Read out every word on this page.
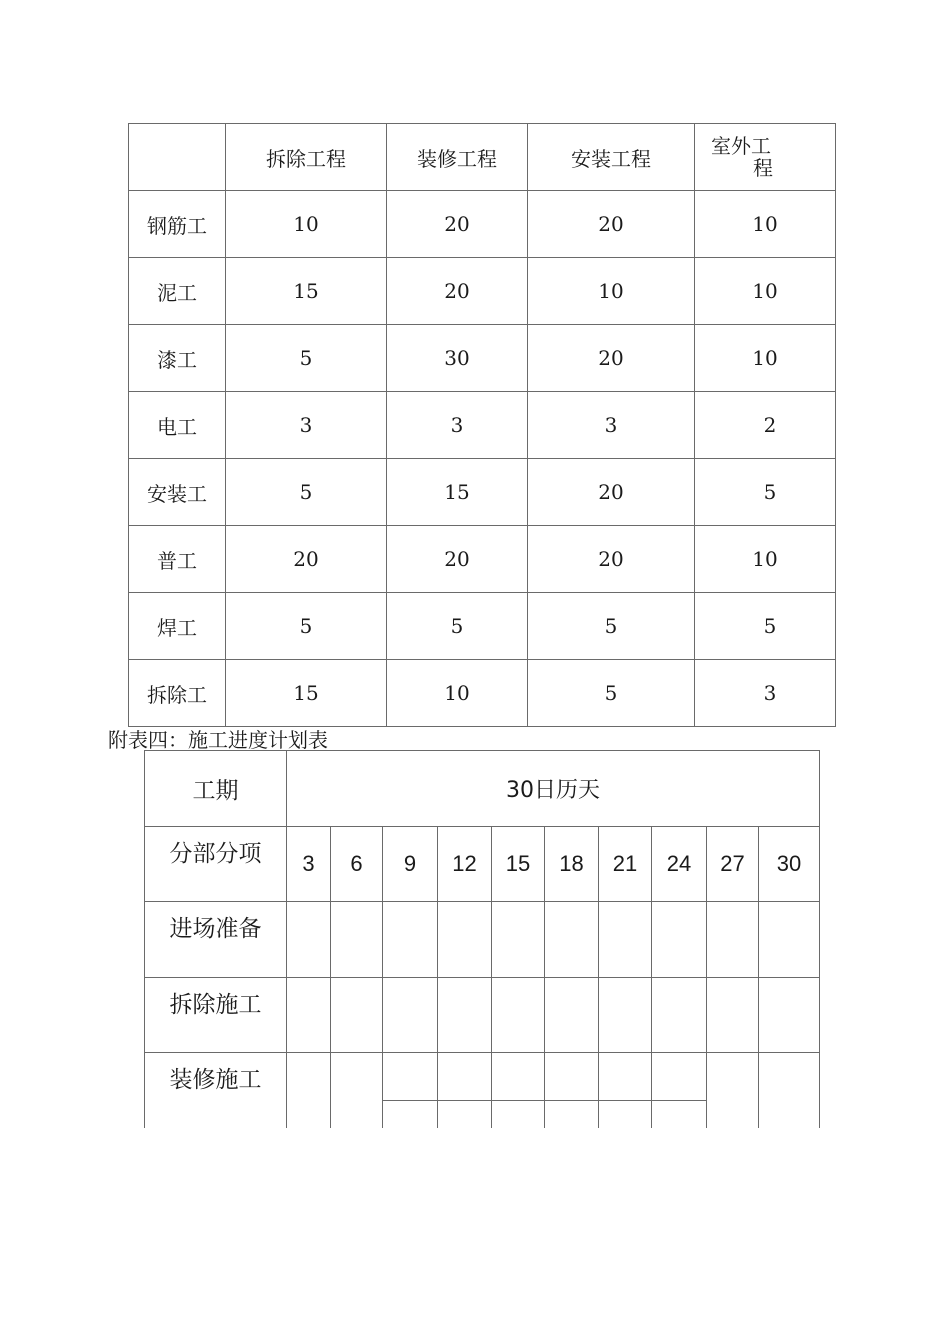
	拆除工程	装修工程	安装工程	室外工
程

钢筋工	10	20	20	10
泥工	15	20	10	10
漆工	5	30	20	10
电工	3	3	3	2
安装工	5	15	20	5
普工	20	20	20	10
焊工	5	5	5	5
拆除工	15	10	5	3
附表四：施工进度计划表
工期	30日历天									
分部分项	3	6	9	12	15	18	21	24	27	30
进场准备										
拆除施工										
装修施工			
